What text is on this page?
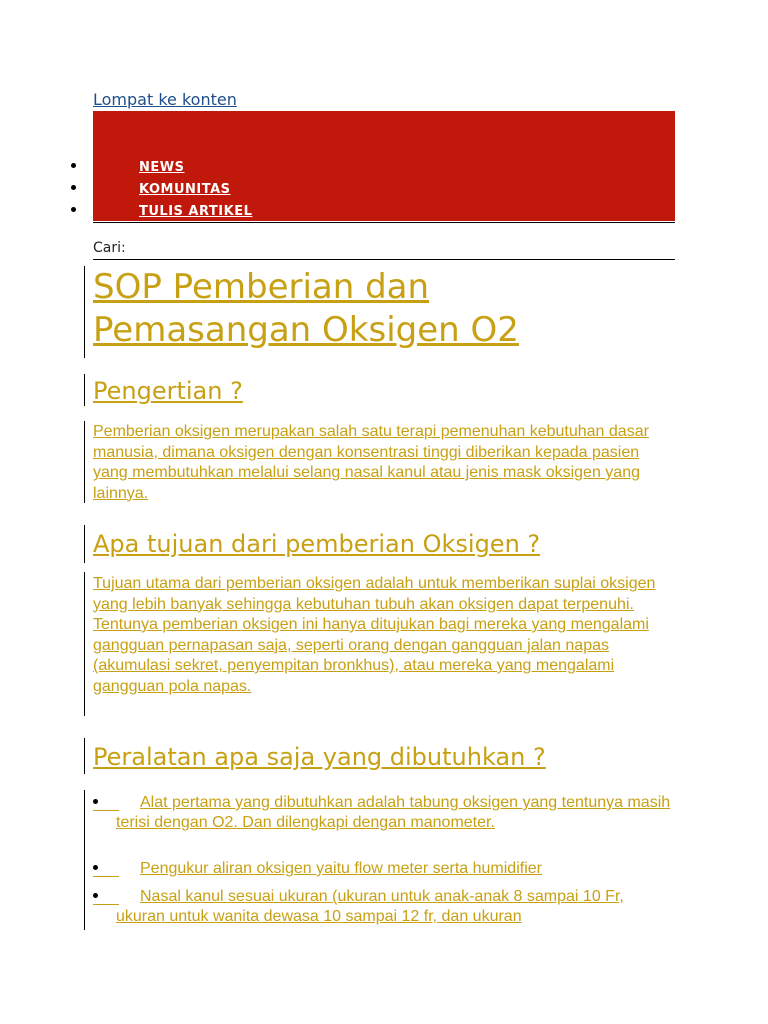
Lompat ke konten
NEWS
KOMUNITAS
TULIS ARTIKEL
Cari:
SOP Pemberian dan Pemasangan Oksigen O2
Pengertian ?

Pemberian oksigen merupakan salah satu terapi pemenuhan kebutuhan dasar manusia, dimana oksigen dengan konsentrasi tinggi diberikan kepada pasien yang membutuhkan melalui selang nasal kanul atau jenis mask oksigen yang lainnya.

Apa tujuan dari pemberian Oksigen ?

Tujuan utama dari pemberian oksigen adalah untuk memberikan suplai oksigen yang lebih banyak sehingga kebutuhan tubuh akan oksigen dapat terpenuhi. Tentunya pemberian oksigen ini hanya ditujukan bagi mereka yang mengalami gangguan pernapasan saja, seperti orang dengan gangguan jalan napas (akumulasi sekret, penyempitan bronkhus), atau mereka yang mengalami gangguan pola napas.

Peralatan apa saja yang dibutuhkan ?

Alat pertama yang dibutuhkan adalah tabung oksigen yang tentunya masih terisi dengan O2. Dan dilengkapi dengan manometer.

Pengukur aliran oksigen yaitu flow meter serta humidifier

Nasal kanul sesuai ukuran (ukuran untuk anak-anak 8 sampai 10 Fr, ukuran untuk wanita dewasa 10 sampai 12 fr, dan ukuran
